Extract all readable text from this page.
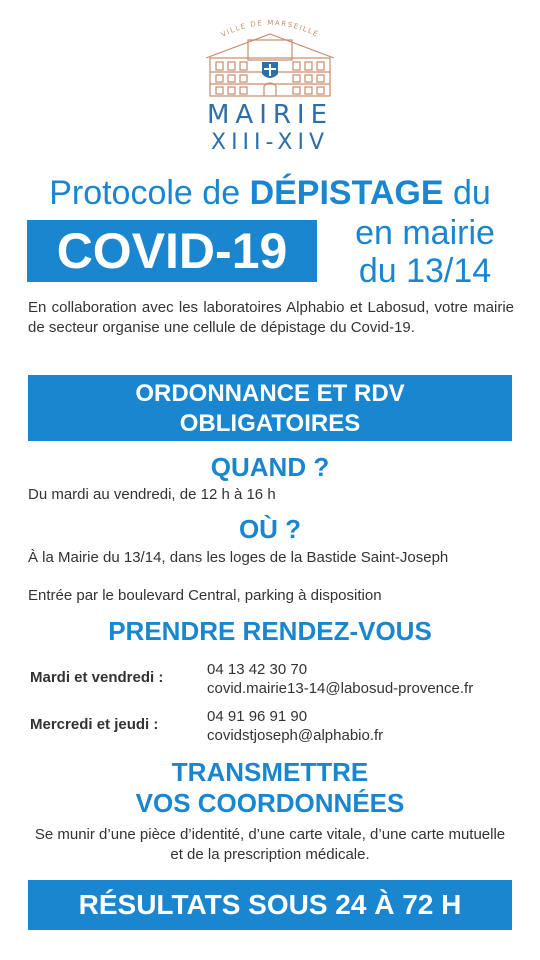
VILLE DE MARSEILLE
MAIRIE
XIII-XIV
Protocole de DÉPISTAGE du
COVID-19	en mairie
du 13/14
En collaboration avec les laboratoires Alphabio et Labosud, votre mairie de secteur organise une cellule de dépistage du Covid-19.
ORDONNANCE ET RDV
OBLIGATOIRES
QUAND ?
Du mardi au vendredi, de 12 h à 16 h
OÙ ?
À la Mairie du 13/14, dans les loges de la Bastide Saint-Joseph
Entrée par le boulevard Central, parking à disposition
PRENDRE RENDEZ-VOUS
Mardi et vendredi :	04 13 42 30 70
covid.mairie13-14@labosud-provence.fr
Mercredi et jeudi :	04 91 96 91 90
covidstjoseph@alphabio.fr
TRANSMETTRE
VOS COORDONNÉES
Se munir d’une pièce d’identité, d’une carte vitale, d’une carte mutuelle et de la prescription médicale.
RÉSULTATS SOUS 24 À 72 H
